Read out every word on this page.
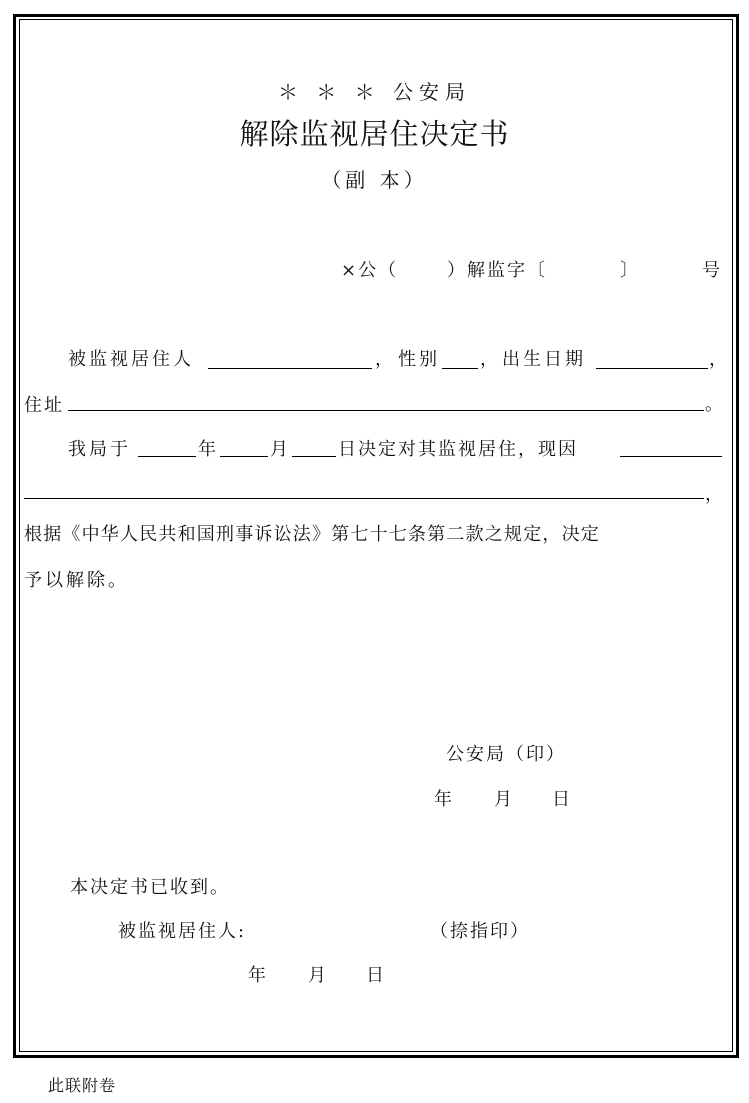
＊ ＊ ＊ 公安局
解除监视居住决定书
（副 本）
×公（	）解监字〔	〕	号
被监视居住人	， 性别 ， 出生日期	，
住址	。
我局于	年	月	日决定对其监视居住，现因
，
根据《中华人民共和国刑事诉讼法》第七十七条第二款之规定，决定
予以解除。
公安局（印）
年 月 日
本决定书已收到。
被监视居住人:	（捺指印）
年 月 日
此联附卷
